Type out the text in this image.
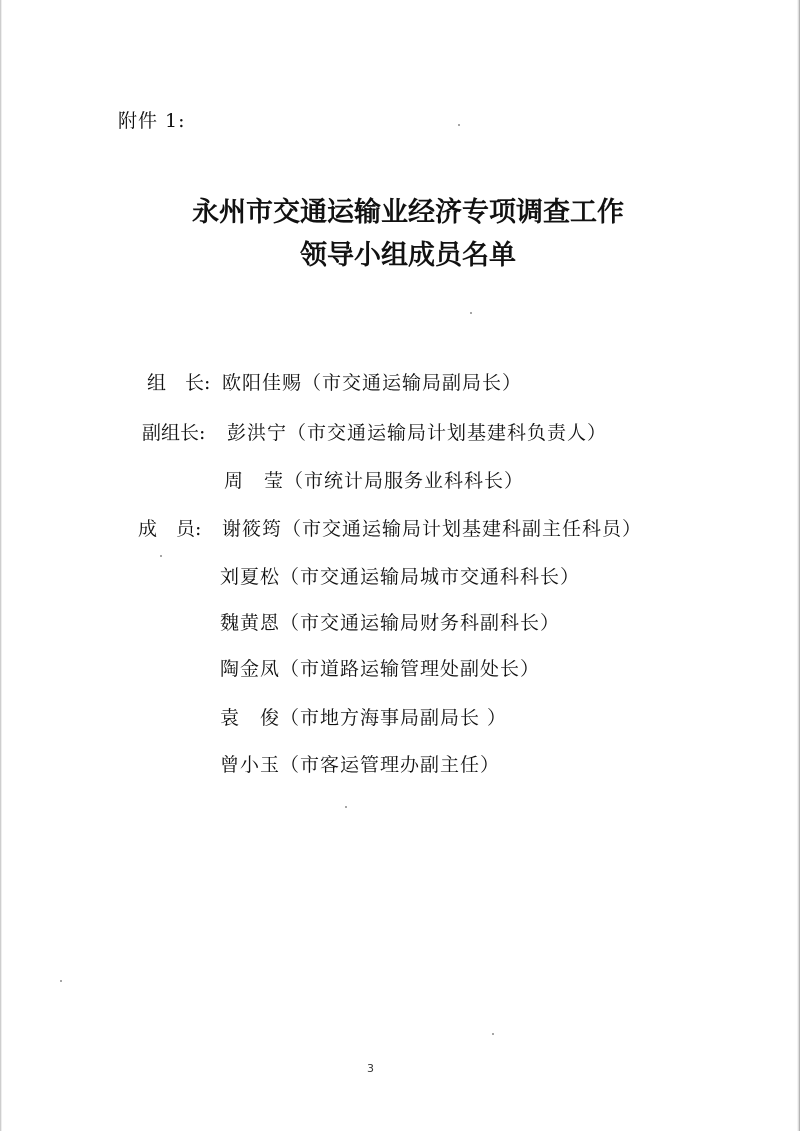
附件 1:
永州市交通运输业经济专项调查工作
领导小组成员名单
组　长: 欧阳佳赐（市交通运输局副局长）
副组长: 彭洪宁（市交通运输局计划基建科负责人）
周　莹（市统计局服务业科科长）
成　员: 谢筱筠（市交通运输局计划基建科副主任科员）
刘夏松（市交通运输局城市交通科科长）
魏黄恩（市交通运输局财务科副科长）
陶金凤（市道路运输管理处副处长）
袁　俊（市地方海事局副局长 ）
曾小玉（市客运管理办副主任）
3
